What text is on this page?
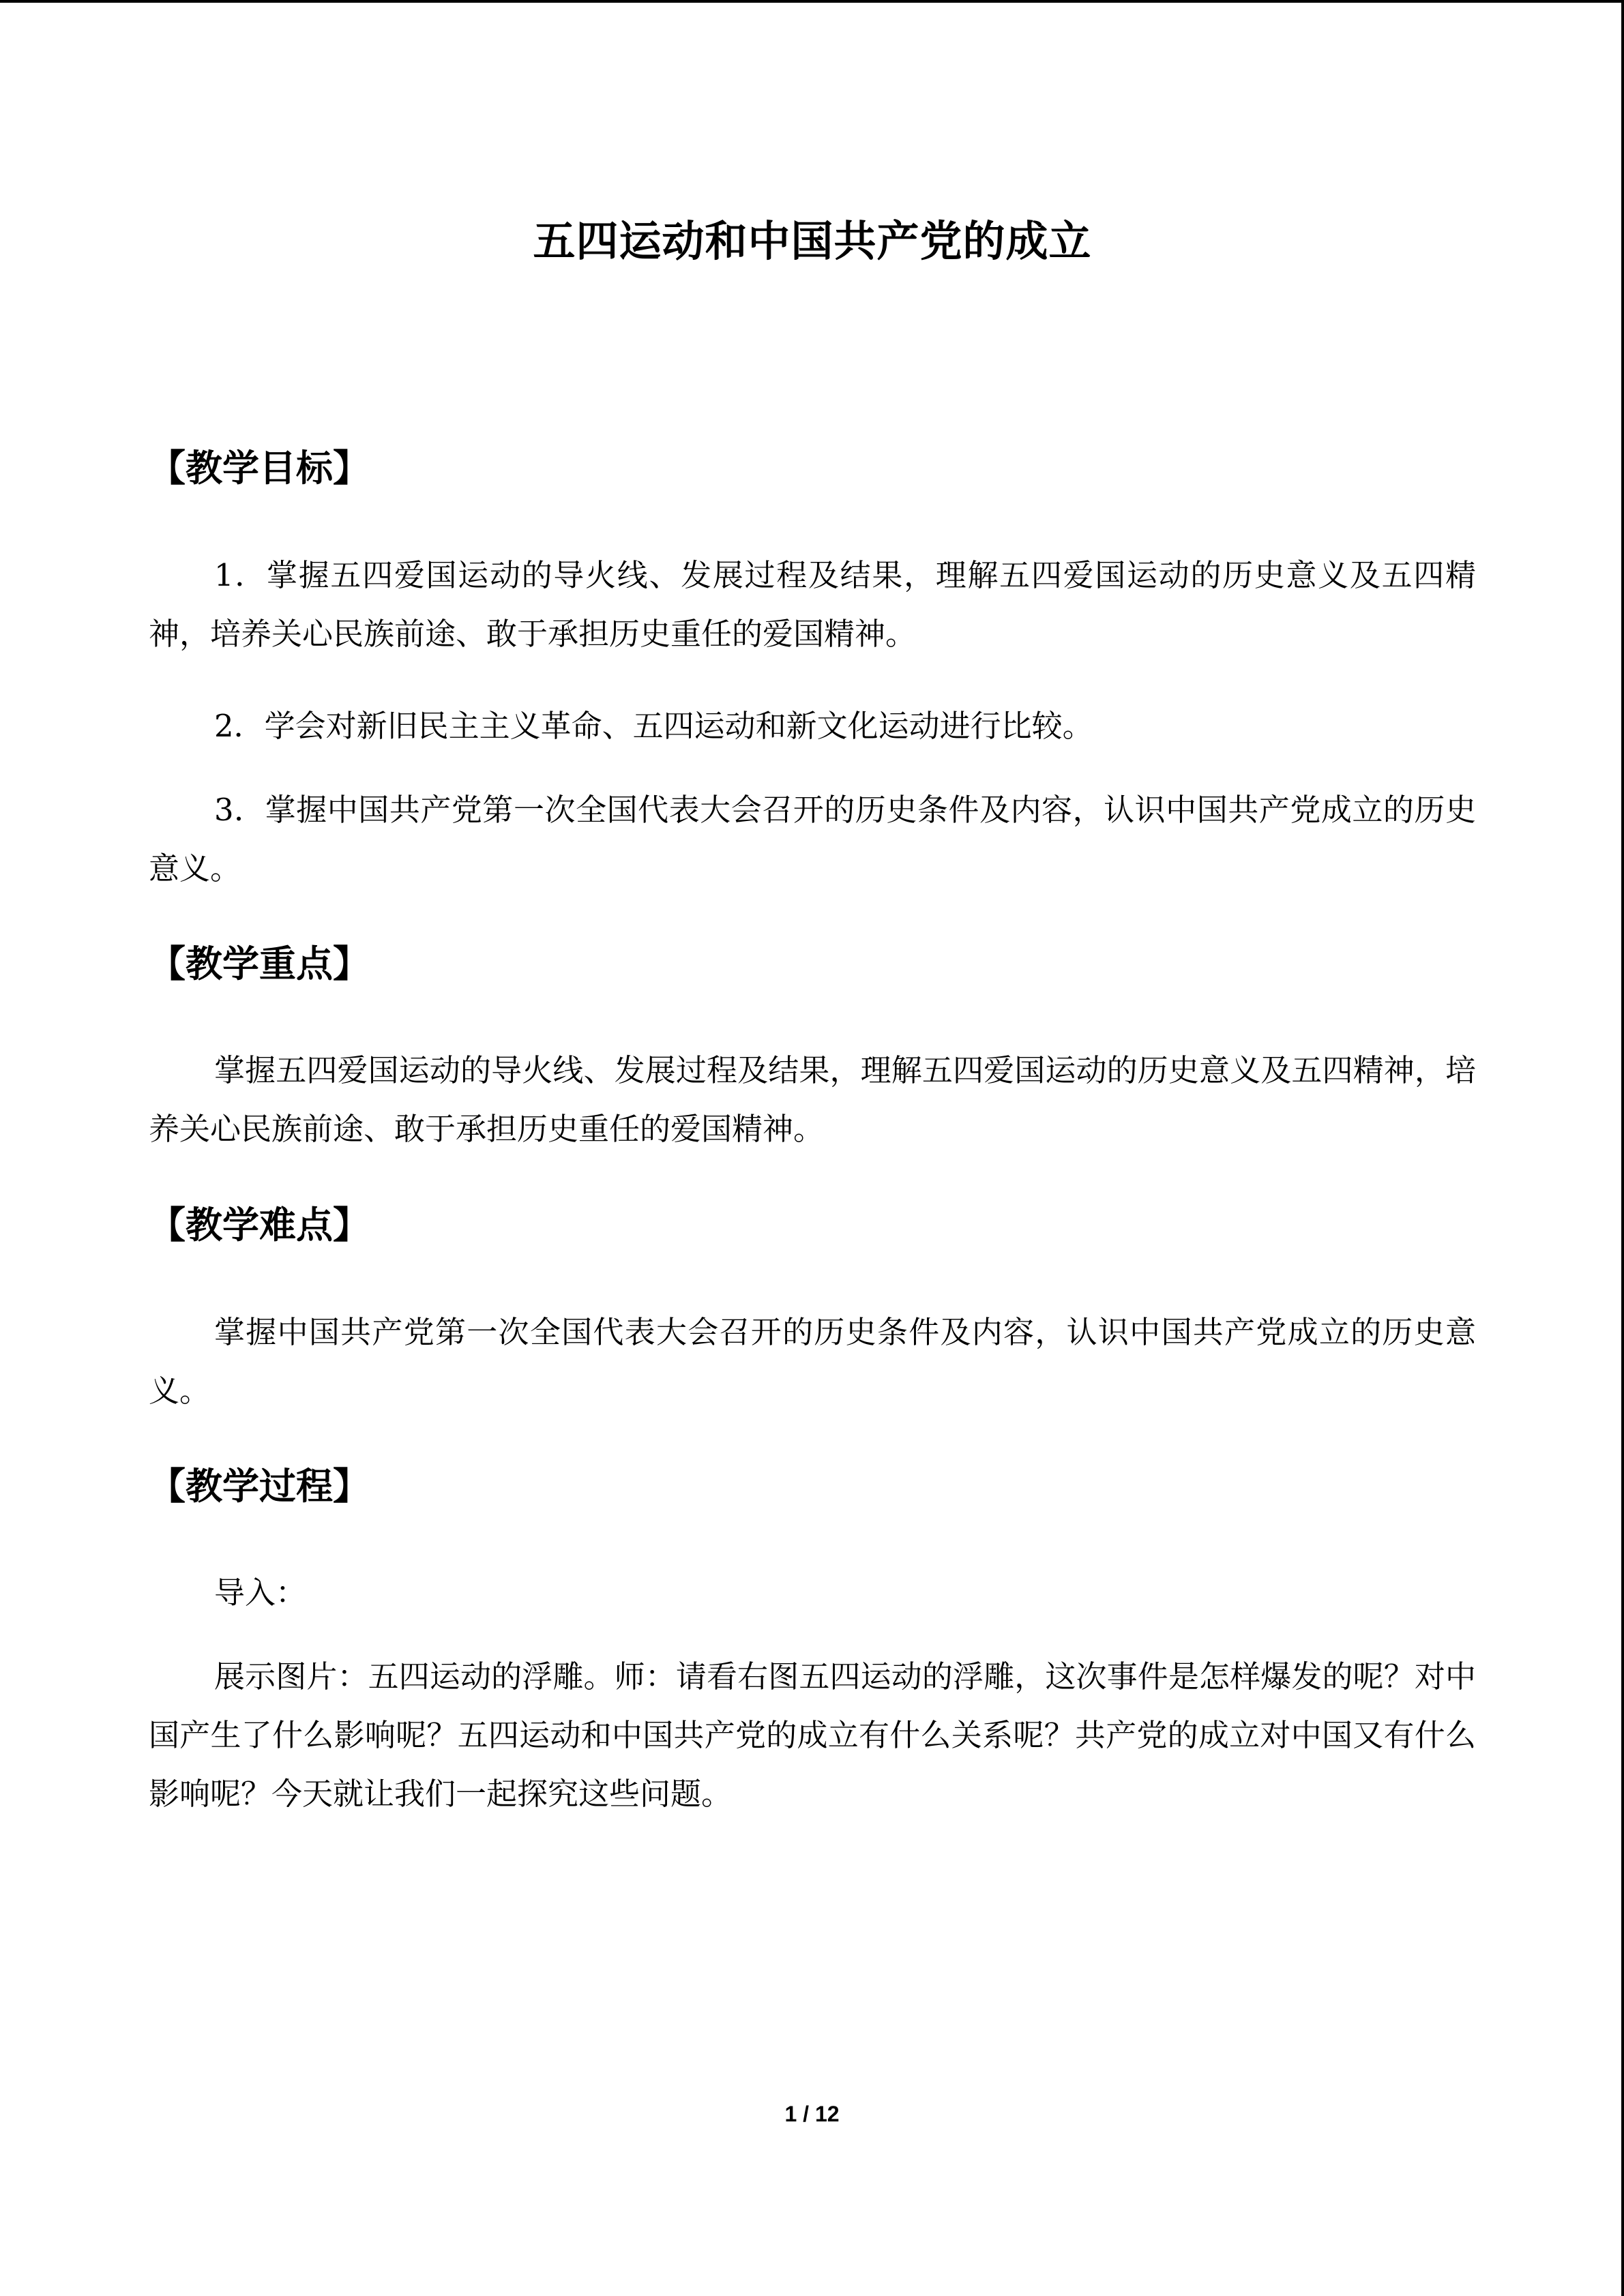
五四运动和中国共产党的成立
【教学目标】

1．掌握五四爱国运动的导火线、发展过程及结果，理解五四爱国运动的历史意义及五四精神，培养关心民族前途、敢于承担历史重任的爱国精神。

2．学会对新旧民主主义革命、五四运动和新文化运动进行比较。

3．掌握中国共产党第一次全国代表大会召开的历史条件及内容，认识中国共产党成立的历史意义。

【教学重点】

掌握五四爱国运动的导火线、发展过程及结果，理解五四爱国运动的历史意义及五四精神，培养关心民族前途、敢于承担历史重任的爱国精神。

【教学难点】

掌握中国共产党第一次全国代表大会召开的历史条件及内容，认识中国共产党成立的历史意义。

【教学过程】

导入：

展示图片：五四运动的浮雕。师：请看右图五四运动的浮雕，这次事件是怎样爆发的呢？对中国产生了什么影响呢？五四运动和中国共产党的成立有什么关系呢？共产党的成立对中国又有什么影响呢？今天就让我们一起探究这些问题。

1 / 12
